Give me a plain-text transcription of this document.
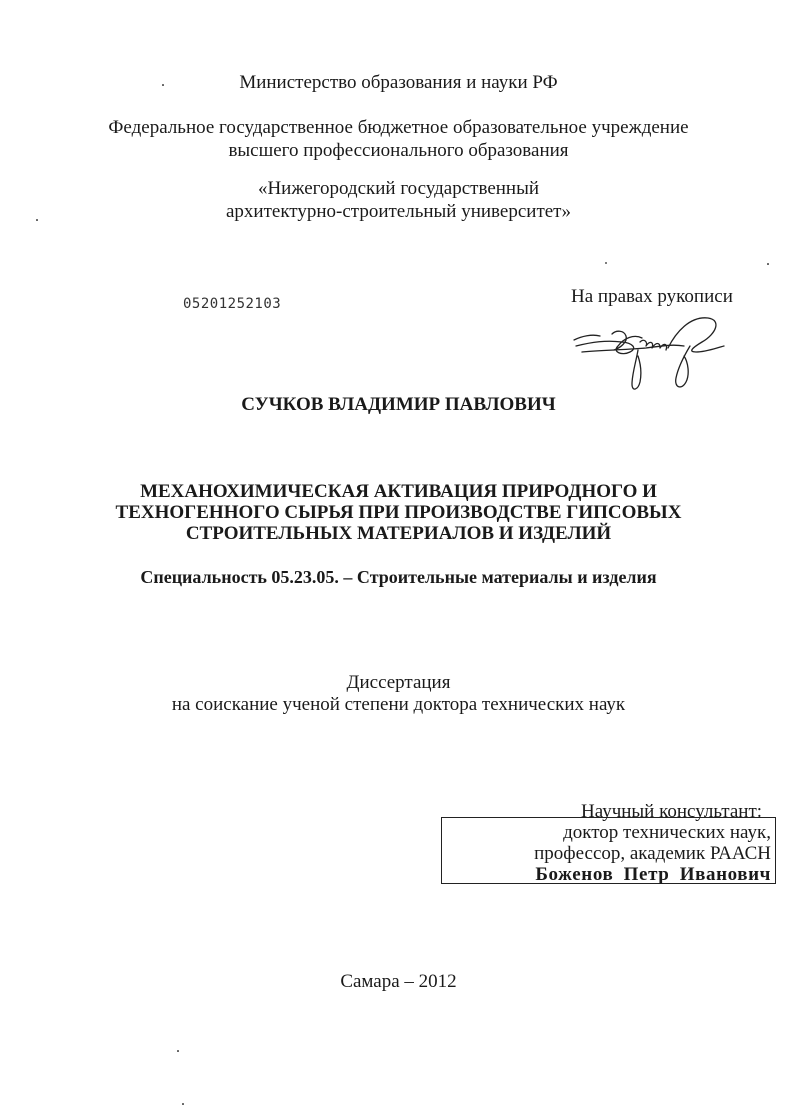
Министерство образования и науки РФ
Федеральное государственное бюджетное образовательное учреждение
высшего профессионального образования
«Нижегородский государственный
архитектурно-строительный университет»
05201252103	На правах рукописи
СУЧКОВ ВЛАДИМИР ПАВЛОВИЧ
МЕХАНОХИМИЧЕСКАЯ АКТИВАЦИЯ ПРИРОДНОГО И
ТЕХНОГЕННОГО СЫРЬЯ ПРИ ПРОИЗВОДСТВЕ ГИПСОВЫХ
СТРОИТЕЛЬНЫХ МАТЕРИАЛОВ И ИЗДЕЛИЙ
Специальность 05.23.05. – Строительные материалы и изделия
Диссертация
на соискание ученой степени доктора технических наук
Научный консультант:
доктор технических наук,
профессор, академик РААСН
Боженов Петр Иванович
Самара – 2012
